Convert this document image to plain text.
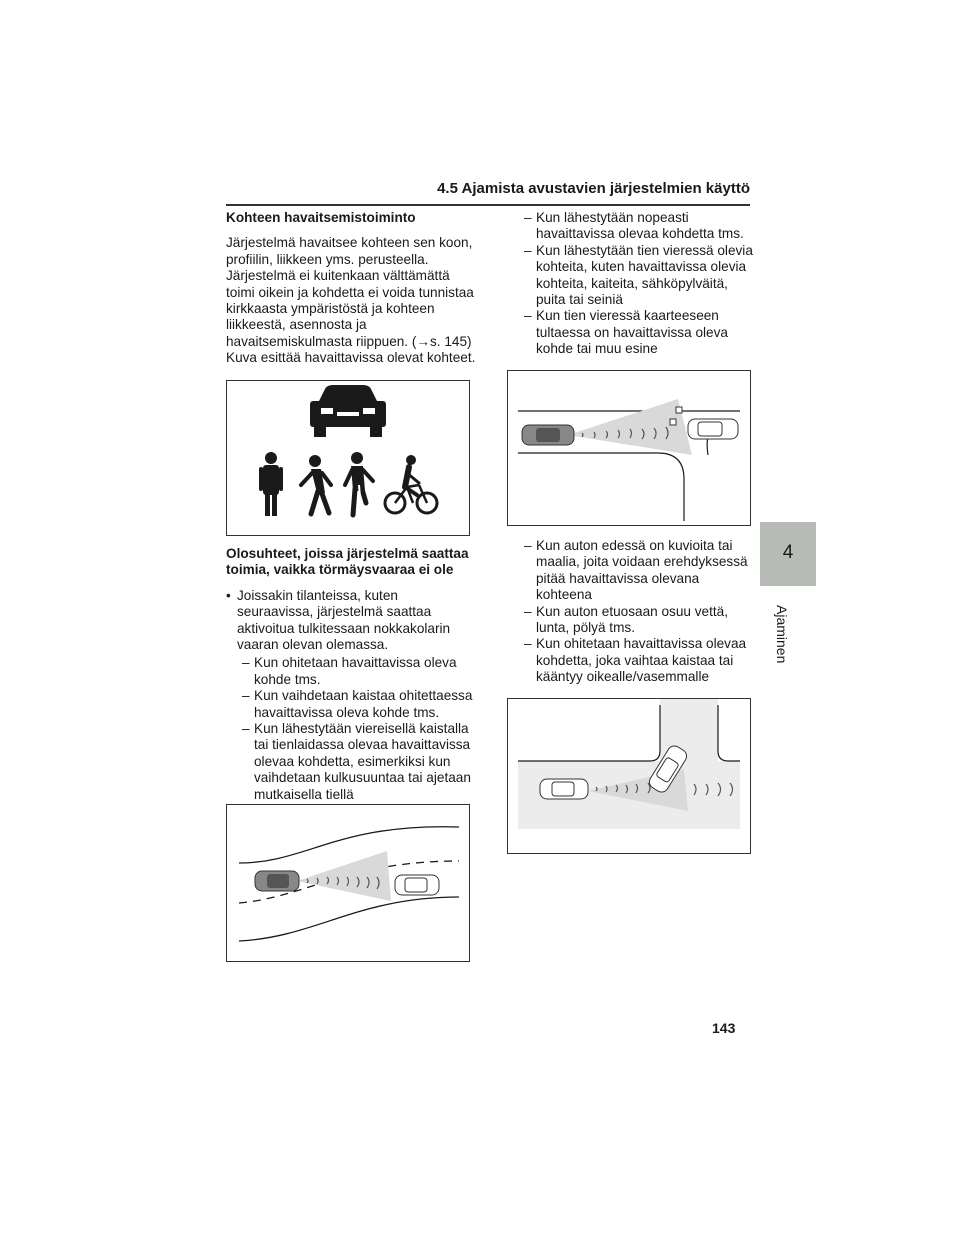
4.5 Ajamista avustavien järjestelmien käyttö
4
Ajaminen

Kohteen havaitsemistoiminto

Järjestelmä havaitsee kohteen sen koon, profiilin, liikkeen yms. perusteella. Järjestelmä ei kuitenkaan välttämättä toimi oikein ja kohdetta ei voida tunnistaa kirkkaasta ympäristöstä ja kohteen liikkeestä, asennosta ja havaitsemiskulmasta riippuen. (→s. 145) Kuva esittää havaittavissa olevat kohteet.

Olosuhteet, joissa järjestelmä saattaa toimia, vaikka törmäysvaaraa ei ole

• Joissakin tilanteissa, kuten seuraavissa, järjestelmä saattaa aktivoitua tulkitessaan nokkakolarin vaaran olevan olemassa.
– Kun ohitetaan havaittavissa oleva kohde tms.
– Kun vaihdetaan kaistaa ohitettaessa havaittavissa oleva kohde tms.
– Kun lähestytään viereisellä kaistalla tai tienlaidassa olevaa havaittavissa olevaa kohdetta, esimerkiksi kun vaihdetaan kulkusuuntaa tai ajetaan mutkaisella tiellä
– Kun lähestytään nopeasti havaittavissa olevaa kohdetta tms.
– Kun lähestytään tien vieressä olevia kohteita, kuten havaittavissa olevia kohteita, kaiteita, sähköpylväitä, puita tai seiniä
– Kun tien vieressä kaarteeseen tultaessa on havaittavissa oleva kohde tai muu esine
– Kun auton edessä on kuvioita tai maalia, joita voidaan erehdyksessä pitää havaittavissa olevana kohteena
– Kun auton etuosaan osuu vettä, lunta, pölyä tms.
– Kun ohitetaan havaittavissa olevaa kohdetta, joka vaihtaa kaistaa tai kääntyy oikealle/vasemmalle
143
